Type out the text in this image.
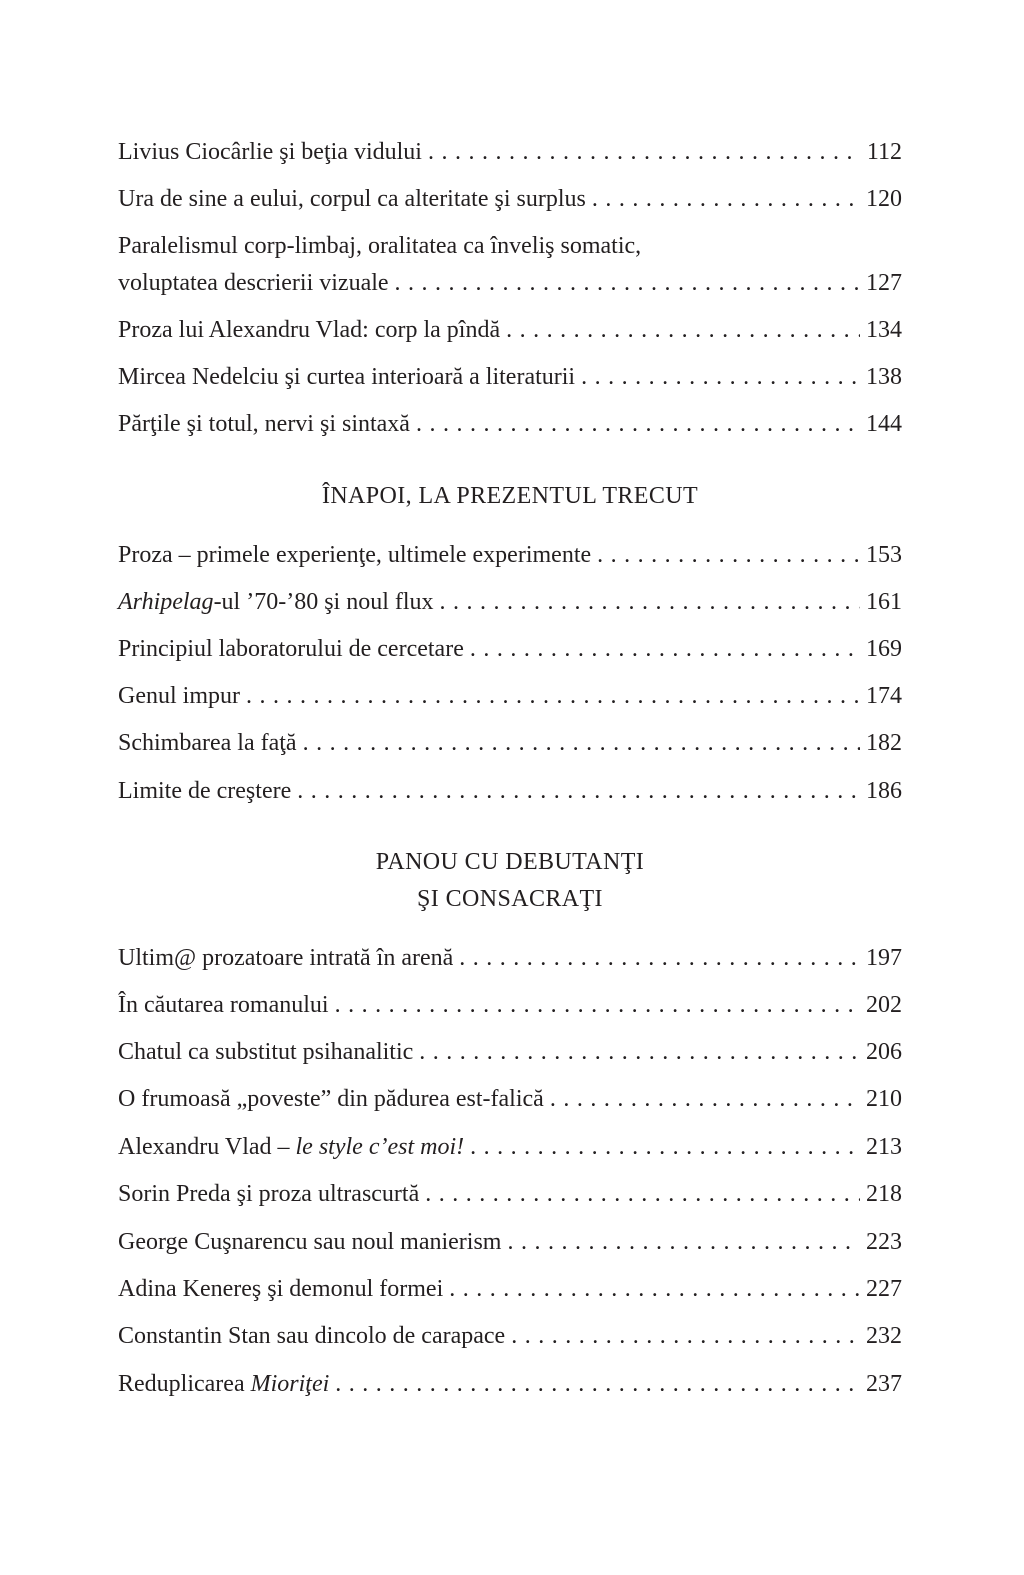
Livius Ciocârlie şi beţia vidului . . .	112
Ura de sine a eului, corpul ca alteritate şi surplus . . .	120
Paralelismul corp-limbaj, oralitatea ca înveliş somatic,
voluptatea descrierii vizuale . . .	127
Proza lui Alexandru Vlad: corp la pîndă . . .	134
Mircea Nedelciu şi curtea interioară a literaturii . . .	138
Părţile şi totul, nervi şi sintaxă . . .	144
ÎNAPOI, LA PREZENTUL TRECUT
Proza – primele experienţe, ultimele experimente . . .	153
Arhipelag-ul ’70-’80 şi noul flux . . .	161
Principiul laboratorului de cercetare . . .	169
Genul impur . . .	174
Schimbarea la faţă . . .	182
Limite de creştere . . .	186
PANOU CU DEBUTANŢI
ŞI CONSACRAŢI
Ultim@ prozatoare intrată în arenă . . .	197
În căutarea romanului . . .	202
Chatul ca substitut psihanalitic . . .	206
O frumoasă „poveste” din pădurea est-falică . . .	210
Alexandru Vlad – le style c’est moi! . . .	213
Sorin Preda şi proza ultrascurtă . . .	218
George Cuşnarencu sau noul manierism . . .	223
Adina Kenereş şi demonul formei . . .	227
Constantin Stan sau dincolo de carapace . . .	232
Reduplicarea Mioriţei . . .	237
